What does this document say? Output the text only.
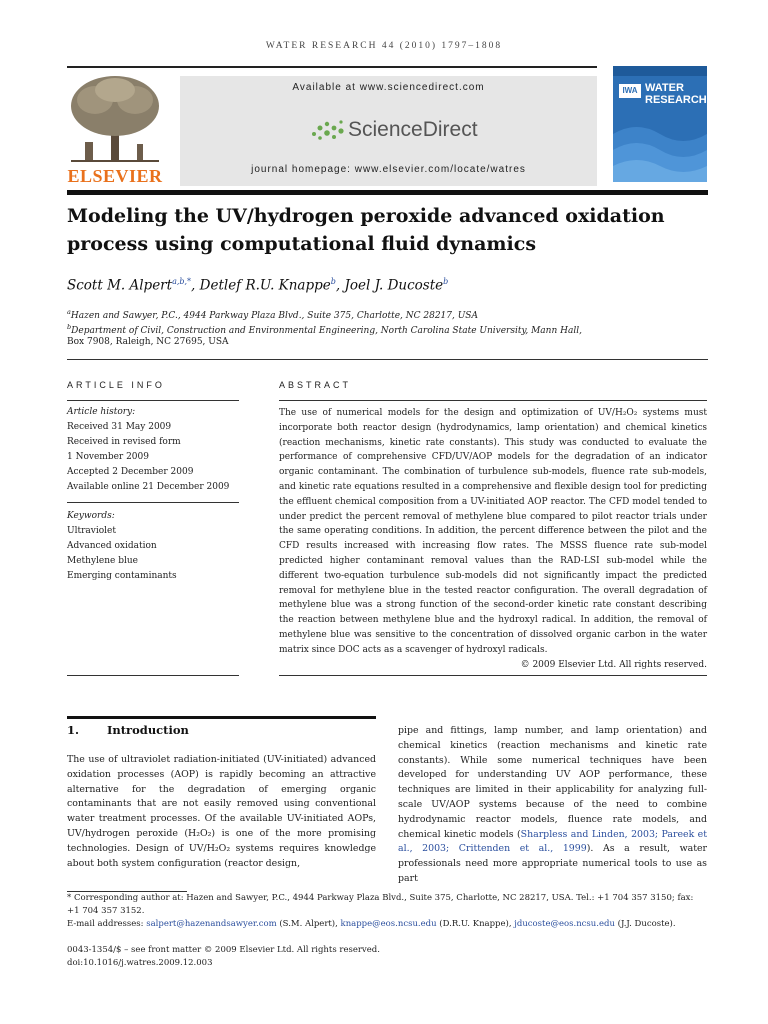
WATER RESEARCH 44 (2010) 1797–1808
ELSEVIER
Available at www.sciencedirect.com
ScienceDirect
journal homepage: www.elsevier.com/locate/watres
IWA WATER
RESEARCH
Modeling the UV/hydrogen peroxide advanced oxidation process using computational fluid dynamics
Scott M. Alpert$^{a,b,*}$, Detlef R.U. Knappe$^b$, Joel J. Ducoste$^b$
$^a$Hazen and Sawyer, P.C., 4944 Parkway Plaza Blvd., Suite 375, Charlotte, NC 28217, USA
$^b$Department of Civil, Construction and Environmental Engineering, North Carolina State University, Mann Hall,
Box 7908, Raleigh, NC 27695, USA
ARTICLE INFO
Article history:
Received 31 May 2009
Received in revised form
1 November 2009
Accepted 2 December 2009
Available online 21 December 2009
Keywords:
Ultraviolet
Advanced oxidation
Methylene blue
Emerging contaminants
ABSTRACT
The use of numerical models for the design and optimization of UV/H₂O₂ systems must incorporate both reactor design (hydrodynamics, lamp orientation) and chemical kinetics (reaction mechanisms, kinetic rate constants). This study was conducted to evaluate the performance of comprehensive CFD/UV/AOP models for the degradation of an indicator organic contaminant. The combination of turbulence sub-models, fluence rate sub-models, and kinetic rate equations resulted in a comprehensive and flexible design tool for predicting the effluent chemical composition from a UV-initiated AOP reactor. The CFD model tended to under predict the percent removal of methylene blue compared to pilot reactor trials under the same operating conditions. In addition, the percent difference between the pilot and the CFD results increased with increasing flow rates. The MSSS fluence rate sub-model predicted higher contaminant removal values than the RAD-LSI sub-model while the different two-equation turbulence sub-models did not significantly impact the predicted removal for methylene blue in the tested reactor configuration. The overall degradation of methylene blue was a strong function of the second-order kinetic rate constant describing the reaction between methylene blue and the hydroxyl radical. In addition, the removal of methylene blue was sensitive to the concentration of dissolved organic carbon in the water matrix since DOC acts as a scavenger of hydroxyl radicals.
© 2009 Elsevier Ltd. All rights reserved.
1. Introduction
The use of ultraviolet radiation-initiated (UV-initiated) advanced oxidation processes (AOP) is rapidly becoming an attractive alternative for the degradation of emerging organic contaminants that are not easily removed using conventional water treatment processes. Of the available UV-initiated AOPs, UV/hydrogen peroxide (H₂O₂) is one of the more promising technologies. Design of UV/H₂O₂ systems requires knowledge about both system configuration (reactor design,
pipe and fittings, lamp number, and lamp orientation) and chemical kinetics (reaction mechanisms and kinetic rate constants). While some numerical techniques have been developed for understanding UV AOP performance, these techniques are limited in their applicability for analyzing full-scale UV/AOP systems because of the need to combine hydrodynamic reactor models, fluence rate models, and chemical kinetic models (Sharpless and Linden, 2003; Pareek et al., 2003; Crittenden et al., 1999). As a result, water professionals need more appropriate numerical tools to use as part
* Corresponding author at: Hazen and Sawyer, P.C., 4944 Parkway Plaza Blvd., Suite 375, Charlotte, NC 28217, USA. Tel.: +1 704 357 3150; fax: +1 704 357 3152.
E-mail addresses: salpert@hazenandsawyer.com (S.M. Alpert), knappe@eos.ncsu.edu (D.R.U. Knappe), jducoste@eos.ncsu.edu (J.J. Ducoste).
0043-1354/$ – see front matter © 2009 Elsevier Ltd. All rights reserved.
doi:10.1016/j.watres.2009.12.003
